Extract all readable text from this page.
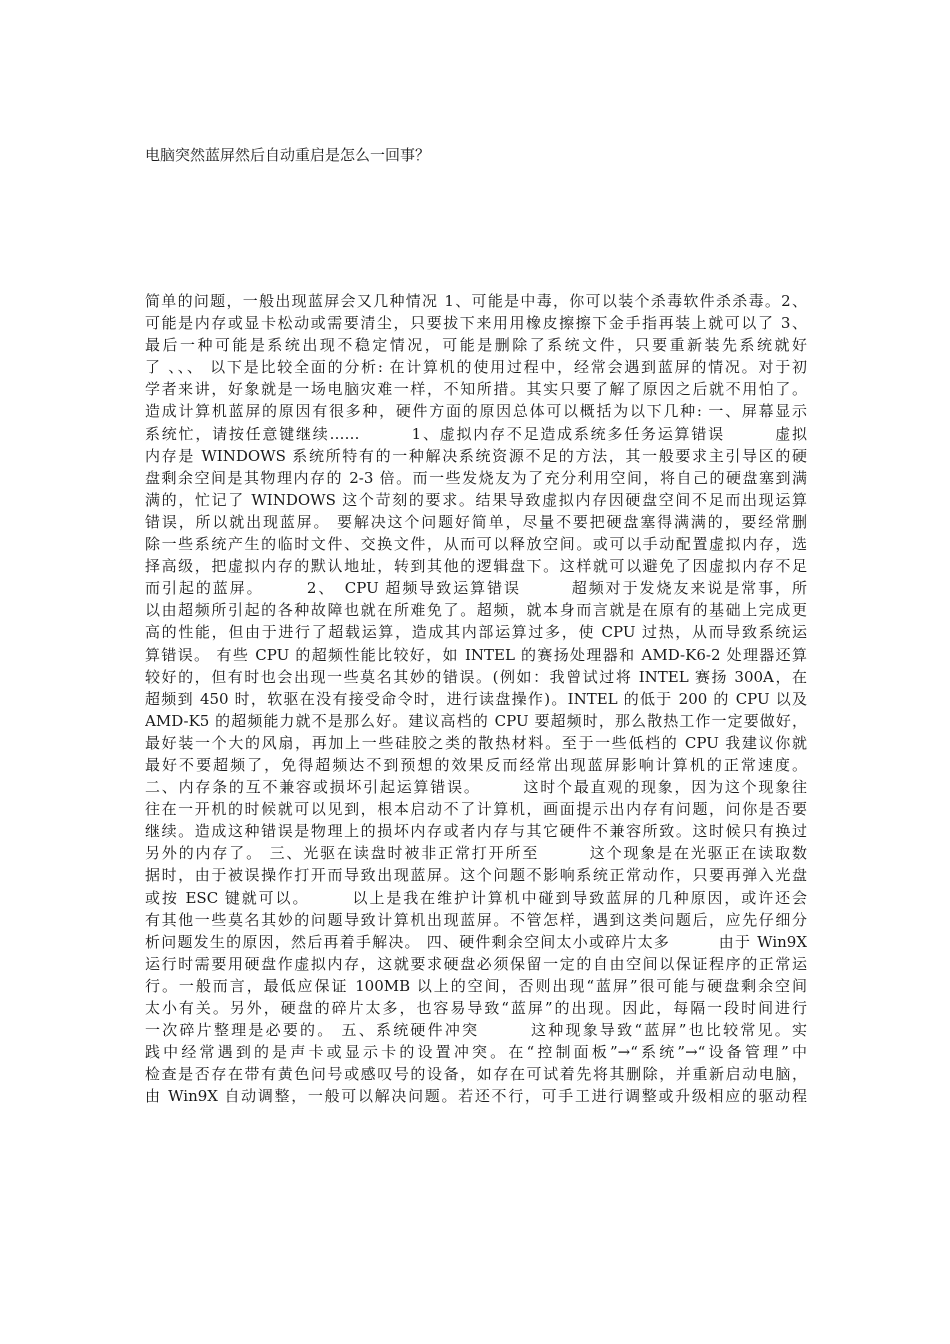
电脑突然蓝屏然后自动重启是怎么一回事？
简单的问题，一般出现蓝屏会又几种情况 1、可能是中毒，你可以装个杀毒软件杀杀毒。2、
可能是内存或显卡松动或需要清尘，只要拔下来用用橡皮擦擦下金手指再装上就可以了 3、
最后一种可能是系统出现不稳定情况，可能是删除了系统文件，只要重新装先系统就好
了 、、、 以下是比较全面的分析: 在计算机的使用过程中，经常会遇到蓝屏的情况。对于初
学者来讲，好象就是一场电脑灾难一样，不知所措。其实只要了解了原因之后就不用怕了。
造成计算机蓝屏的原因有很多种，硬件方面的原因总体可以概括为以下几种: 一、屏幕显示
系统忙，请按任意键继续……　　　1、虚拟内存不足造成系统多任务运算错误　　　虚拟
内存是 WINDOWS 系统所特有的一种解决系统资源不足的方法，其一般要求主引导区的硬
盘剩余空间是其物理内存的 2-3 倍。而一些发烧友为了充分利用空间，将自己的硬盘塞到满
满的，忙记了 WINDOWS 这个苛刻的要求。结果导致虚拟内存因硬盘空间不足而出现运算
错误，所以就出现蓝屏。 要解决这个问题好简单，尽量不要把硬盘塞得满满的，要经常删
除一些系统产生的临时文件、交换文件，从而可以释放空间。或可以手动配置虚拟内存，选
择高级，把虚拟内存的默认地址，转到其他的逻辑盘下。这样就可以避免了因虚拟内存不足
而引起的蓝屏。　　　2、　CPU 超频导致运算错误　　　超频对于发烧友来说是常事，所
以由超频所引起的各种故障也就在所难免了。超频，就本身而言就是在原有的基础上完成更
高的性能，但由于进行了超载运算，造成其内部运算过多，使 CPU 过热，从而导致系统运
算错误。 有些 CPU 的超频性能比较好，如 INTEL 的赛扬处理器和 AMD-K6-2 处理器还算
较好的，但有时也会出现一些莫名其妙的错误。(例如：我曾试过将 INTEL 赛扬 300A，在
超频到 450 时，软驱在没有接受命令时，进行读盘操作)。INTEL 的低于 200 的 CPU 以及
AMD-K5 的超频能力就不是那么好。建议高档的 CPU 要超频时，那么散热工作一定要做好，
最好装一个大的风扇，再加上一些硅胶之类的散热材料。至于一些低档的 CPU 我建议你就
最好不要超频了，免得超频达不到预想的效果反而经常出现蓝屏影响计算机的正常速度。
二、内存条的互不兼容或损坏引起运算错误。　　　这时个最直观的现象，因为这个现象往
往在一开机的时候就可以见到，根本启动不了计算机，画面提示出内存有问题，问你是否要
继续。造成这种错误是物理上的损坏内存或者内存与其它硬件不兼容所致。这时候只有换过
另外的内存了。 三、光驱在读盘时被非正常打开所至　　　这个现象是在光驱正在读取数
据时，由于被误操作打开而导致出现蓝屏。这个问题不影响系统正常动作，只要再弹入光盘
或按 ESC 键就可以。　　　以上是我在维护计算机中碰到导致蓝屏的几种原因，或许还会
有其他一些莫名其妙的问题导致计算机出现蓝屏。不管怎样，遇到这类问题后，应先仔细分
析问题发生的原因，然后再着手解决。 四、硬件剩余空间太小或碎片太多　　　由于 Win9X
运行时需要用硬盘作虚拟内存，这就要求硬盘必须保留一定的自由空间以保证程序的正常运
行。一般而言，最低应保证 100MB 以上的空间，否则出现“蓝屏”很可能与硬盘剩余空间
太小有关。另外，硬盘的碎片太多，也容易导致“蓝屏”的出现。因此，每隔一段时间进行
一次碎片整理是必要的。 五、系统硬件冲突　　　这种现象导致“蓝屏”也比较常见。实
践中经常遇到的是声卡或显示卡的设置冲突。在“控制面板”→“系统”→“设备管理”中
检查是否存在带有黄色问号或感叹号的设备，如存在可试着先将其删除，并重新启动电脑，
由 Win9X 自动调整，一般可以解决问题。若还不行，可手工进行调整或升级相应的驱动程
